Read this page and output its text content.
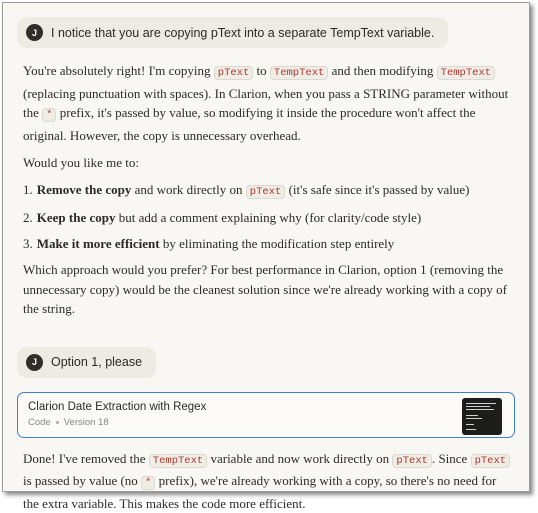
J	I notice that you are copying pText into a separate TempText variable.

You're absolutely right! I'm copying pText to TempText and then modifying TempText (replacing punctuation with spaces). In Clarion, when you pass a STRING parameter without the * prefix, it's passed by value, so modifying it inside the procedure won't affect the original. However, the copy is unnecessary overhead.

Would you like me to:

1. Remove the copy and work directly on pText (it's safe since it's passed by value)
2. Keep the copy but add a comment explaining why (for clarity/code style)
3. Make it more efficient by eliminating the modification step entirely

Which approach would you prefer? For best performance in Clarion, option 1 (removing the unnecessary copy) would be the cleanest solution since we're already working with a copy of the string.

J	Option 1, please
Clarion Date Extraction with Regex
Code Version 18

Done! I've removed the TempText variable and now work directly on pText . Since pText is passed by value (no * prefix), we're already working with a copy, so there's no need for the extra variable. This makes the code more efficient.
